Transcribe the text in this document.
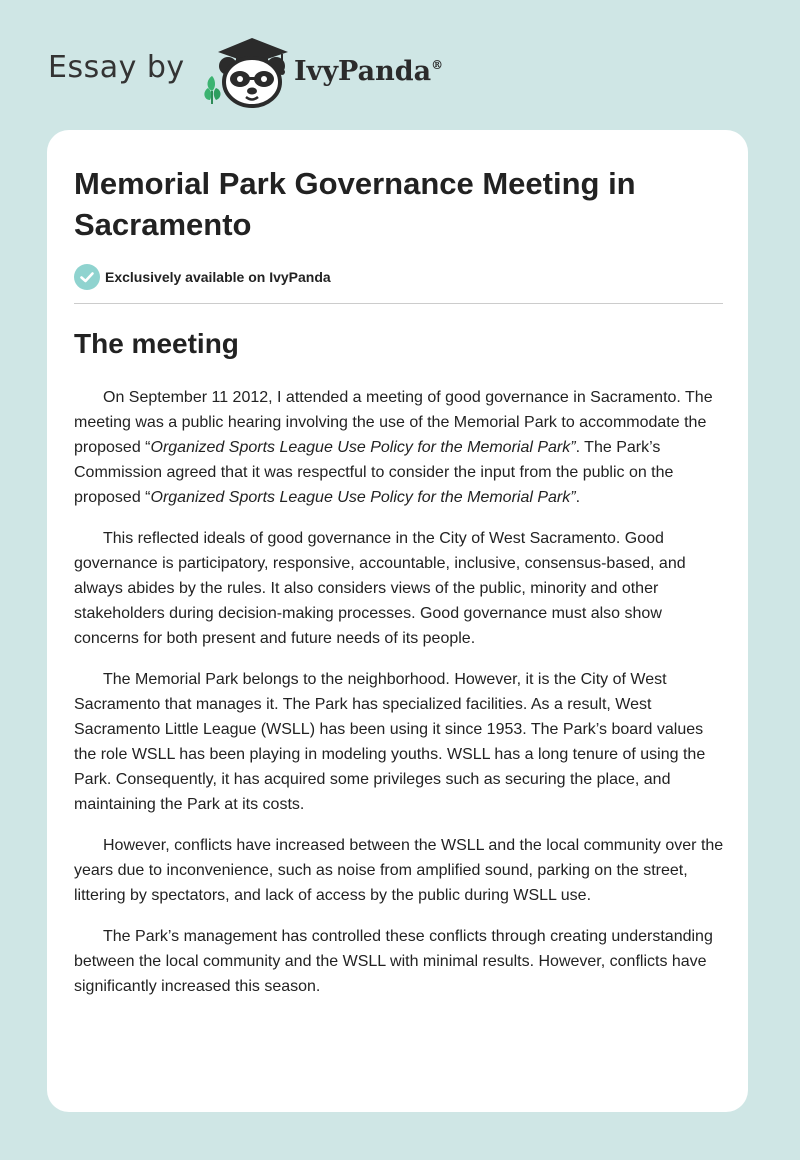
Essay by	IvyPanda®
Memorial Park Governance Meeting in Sacramento
Exclusively available on IvyPanda
The meeting

On September 11 2012, I attended a meeting of good governance in Sacramento. The meeting was a public hearing involving the use of the Memorial Park to accommodate the proposed “Organized Sports League Use Policy for the Memorial Park”. The Park’s Commission agreed that it was respectful to consider the input from the public on the proposed “Organized Sports League Use Policy for the Memorial Park”.

This reflected ideals of good governance in the City of West Sacramento. Good governance is participatory, responsive, accountable, inclusive, consensus-based, and always abides by the rules. It also considers views of the public, minority and other stakeholders during decision-making processes. Good governance must also show concerns for both present and future needs of its people.

The Memorial Park belongs to the neighborhood. However, it is the City of West Sacramento that manages it. The Park has specialized facilities. As a result, West Sacramento Little League (WSLL) has been using it since 1953. The Park’s board values the role WSLL has been playing in modeling youths. WSLL has a long tenure of using the Park. Consequently, it has acquired some privileges such as securing the place, and maintaining the Park at its costs.

However, conflicts have increased between the WSLL and the local community over the years due to inconvenience, such as noise from amplified sound, parking on the street, littering by spectators, and lack of access by the public during WSLL use.

The Park’s management has controlled these conflicts through creating understanding between the local community and the WSLL with minimal results. However, conflicts have significantly increased this season.
